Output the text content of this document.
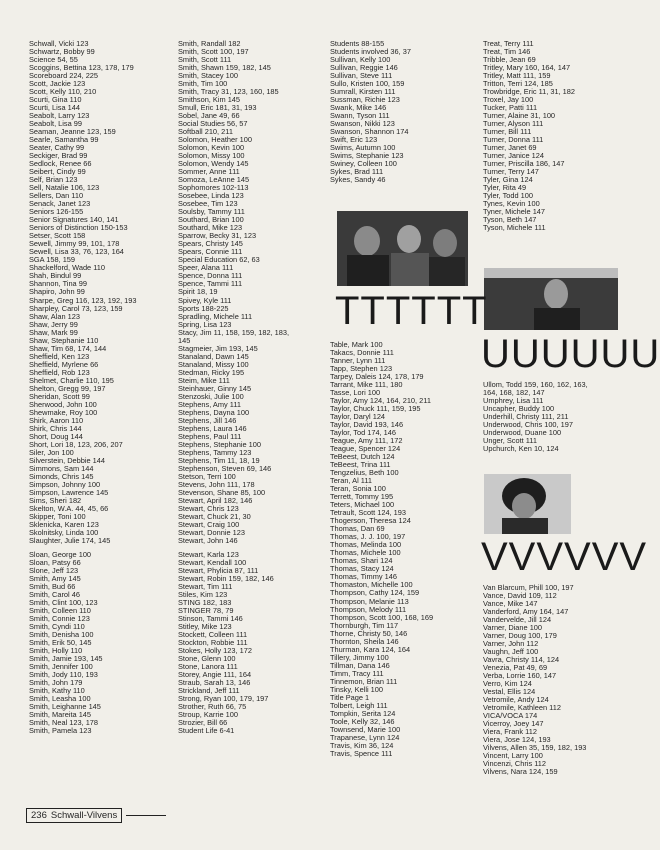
Schwall, Vicki 123
Schwartz, Bobby 99
Science 54, 55
Scoggins, Bettina 123, 178, 179
Scoreboard 224, 225
Scott, Jackie 123
Scott, Kelly 110, 210
Scurti, Gina 110
Scurti, Lisa 144
Seabolt, Larry 123
Seabolt, Lisa 99
Seaman, Jeanne 123, 159
Searle, Samantha 99
Seater, Cathy 99
Seckiger, Brad 99
Sedlock, Renee 66
Seibert, Cindy 99
Self, Brian 123
Sell, Natalie 106, 123
Sellers, Dan 110
Senack, Janet 123
Seniors 126-155
Senior Signatures 140, 141
Seniors of Distinction 150-153
Setser, Scott 158
Sewell, Jimmy 99, 101, 178
Sewell, Lisa 33, 76, 123, 164
SGA 158, 159
Shackelford, Wade 110
Shah, Bindul 99
Shannon, Tina 99
Shapiro, John 99
Sharpe, Greg 116, 123, 192, 193
Sharpley, Carol 73, 123, 159
Shaw, Alan 123
Shaw, Jerry 99
Shaw, Mark 99
Shaw, Stephanie 110
Shaw, Tim 68, 174, 144
Sheffield, Ken 123
Sheffield, Myrlene 66
Sheffield, Rob 123
Shelmet, Charlie 110, 195
Shelton, Gregg 99, 197
Sheridan, Scott 99
Sherwood, John 100
Shewmake, Roy 100
Shirk, Aaron 110
Shirk, Chris 144
Short, Doug 144
Short, Lori 18, 123, 206, 207
Siler, Jon 100
Silverstein, Debbie 144
Simmons, Sam 144
Simonds, Chris 145
Simpson, Johnny 100
Simpson, Lawrence 145
Sims, Sheri 182
Skelton, W.A. 44, 45, 66
Skipper, Toni 100
Sklenicka, Karen 123
Skolnitsky, Linda 100
Slaughter, Julie 174, 145
Sloan, George 100
Sloan, Patsy 66
Slone, Jeff 123
Smith, Amy 145
Smith, Bud 66
Smith, Carol 46
Smith, Clint 100, 123
Smith, Colleen 110
Smith, Connie 123
Smith, Cyndi 110
Smith, Denisha 100
Smith, Erik 50, 145
Smith, Holly 110
Smith, Jamie 193, 145
Smith, Jennifer 100
Smith, Jody 110, 193
Smith, John 179
Smith, Kathy 110
Smith, Leasha 100
Smith, Leighanne 145
Smith, Mareita 145
Smith, Neal 123, 178
Smith, Pamela 123
Smith, Randall 182
Smith, Scott 100, 197
Smith, Scott 111
Smith, Shawn 159, 182, 145
Smith, Stacey 100
Smith, Tim 100
Smith, Tracy 31, 123, 160, 185
Smithson, Kim 145
Smull, Eric 181, 31, 193
Sobel, Jane 49, 66
Social Studies 56, 57
Softball 210, 211
Solomon, Heather 100
Solomon, Kevin 100
Solomon, Missy 100
Solomon, Wendy 145
Sommer, Anne 111
Somoza, LeAnne 145
Sophomores 102-113
Sosebee, Linda 123
Sosebee, Tim 123
Soulsby, Tammy 111
Southard, Brian 100
Southard, Mike 123
Sparrow, Becky 31, 123
Spears, Christy 145
Spears, Connie 111
Special Education 62, 63
Speer, Alana 111
Spence, Donna 111
Spence, Tammi 111
Spirit 18, 19
Spivey, Kyle 111
Sports 188-225
Spradling, Michele 111
Spring, Lisa 123
Stacy, Jim 11, 158, 159, 182, 183,
145
Stagmeier, Jim 193, 145
Stanaland, Dawn 145
Stanaland, Missy 100
Stedman, Ricky 195
Steim, Mike 111
Steinhauer, Ginny 145
Stenzoski, Julie 100
Stephens, Amy 111
Stephens, Dayna 100
Stephens, Jill 146
Stephens, Laura 146
Stephens, Paul 111
Stephens, Stephanie 100
Stephens, Tammy 123
Stephens, Tim 11, 18, 19
Stephenson, Steven 69, 146
Stetson, Terri 100
Stevens, John 111, 178
Stevenson, Shane 85, 100
Stewart, April 182, 146
Stewart, Chris 123
Stewart, Chuck 21, 30
Stewart, Craig 100
Stewart, Donnie 123
Stewart, John 146
Stewart, Karla 123
Stewart, Kendall 100
Stewart, Phylicia 87, 111
Stewart, Robin 159, 182, 146
Stewart, Tim 111
Stiles, Kim 123
STING 182, 183
STINGER 78, 79
Stinson, Tammi 146
Stitley, Mike 123
Stockett, Colleen 111
Stockton, Robbie 111
Stokes, Holly 123, 172
Stone, Glenn 100
Stone, Lanora 111
Storey, Angie 111, 164
Straub, Sarah 13, 146
Strickland, Jeff 111
Strong, Ryan 100, 179, 197
Strother, Ruth 66, 75
Stroup, Karrie 100
Strozier, Bill 66
Student Life 6-41
Students 88-155
Students involved 36, 37
Sullivan, Kelly 100
Sullivan, Reggie 146
Sullivan, Steve 111
Sullo, Kristen 100, 159
Sumrall, Kirsten 111
Sussman, Richie 123
Swank, Mike 146
Swann, Tyson 111
Swanson, Nikki 123
Swanson, Shannon 174
Swift, Eric 123
Swims, Autumn 100
Swims, Stephanie 123
Swiney, Colleen 100
Sykes, Brad 111
Sykes, Sandy 46
Table, Mark 100
Takacs, Donnie 111
Tanner, Lynn 111
Tapp, Stephen 123
Tarpey, Daleis 124, 178, 179
Tarrant, Mike 111, 180
Tasse, Lori 100
Taylor, Amy 124, 164, 210, 211
Taylor, Chuck 111, 159, 195
Taylor, Daryl 124
Taylor, David 193, 146
Taylor, Tod 174, 146
Teague, Amy 111, 172
Teague, Spencer 124
TeBeest, Dutch 124
TeBeest, Trina 111
Tengzelius, Beth 100
Teran, Al 111
Teran, Sonia 100
Terrett, Tommy 195
Teters, Michael 100
Tetrault, Scott 124, 193
Thogerson, Theresa 124
Thomas, Dan 69
Thomas, J. J. 100, 197
Thomas, Melinda 100
Thomas, Michele 100
Thomas, Shari 124
Thomas, Stacy 124
Thomas, Timmy 146
Thomaston, Michelle 100
Thompson, Cathy 124, 159
Thompson, Melanie 113
Thompson, Melody 111
Thompson, Scott 100, 168, 169
Thornburgh, Tim 117
Thorne, Christy 50, 146
Thornton, Sheila 146
Thurman, Kara 124, 164
Tillery, Jimmy 100
Tillman, Dana 146
Timm, Tracy 111
Tinnemon, Brian 111
Tinsky, Kelli 100
Title Page 1
Tolbert, Leigh 111
Tompkin, Serita 124
Toole, Kelly 32, 146
Townsend, Marie 100
Trapanese, Lynn 124
Travis, Kim 36, 124
Travis, Spence 111
Treat, Terry 111
Treat, Tim 146
Tribble, Jean 69
Tritley, Mary 160, 164, 147
Tritley, Matt 111, 159
Tritton, Terri 124, 185
Trowbridge, Eric 11, 31, 182
Troxel, Jay 100
Tucker, Patti 111
Turner, Alaine 31, 100
Turner, Alyson 111
Turner, Bill 111
Turner, Donna 111
Turner, Janet 69
Turner, Janice 124
Turner, Priscilla 186, 147
Turner, Terry 147
Tyler, Gina 124
Tyler, Rita 49
Tyler, Todd 100
Tynes, Kevin 100
Tyner, Michele 147
Tyson, Beth 147
Tyson, Michele 111
Ullom, Todd 159, 160, 162, 163,
164, 168, 182, 147
Umphrey, Lisa 111
Uncapher, Buddy 100
Underhill, Christy 111, 211
Underwood, Chris 100, 197
Underwood, Duane 100
Unger, Scott 111
Upchurch, Ken 10, 124
Van Blarcum, Phill 100, 197
Vance, David 109, 112
Vance, Mike 147
Vanderford, Amy 164, 147
Vandervelde, Jill 124
Varner, Diane 100
Varner, Doug 100, 179
Varner, John 112
Vaughn, Jeff 100
Vavra, Christy 114, 124
Venezia, Pat 49, 69
Verba, Lorrie 160, 147
Verro, Kim 124
Vestal, Ellis 124
Vetromile, Andy 124
Vetromile, Kathleen 112
VICA/VOCA 174
Vicerroy, Joey 147
Viera, Frank 112
Viera, Jose 124, 193
Vilvens, Allen 35, 159, 182, 193
Vincent, Larry 100
Vincenzi, Chris 112
Vilvens, Nara 124, 159
TTTTTT
UUUUUU
VVVVVV
236 Schwall-Vilvens
